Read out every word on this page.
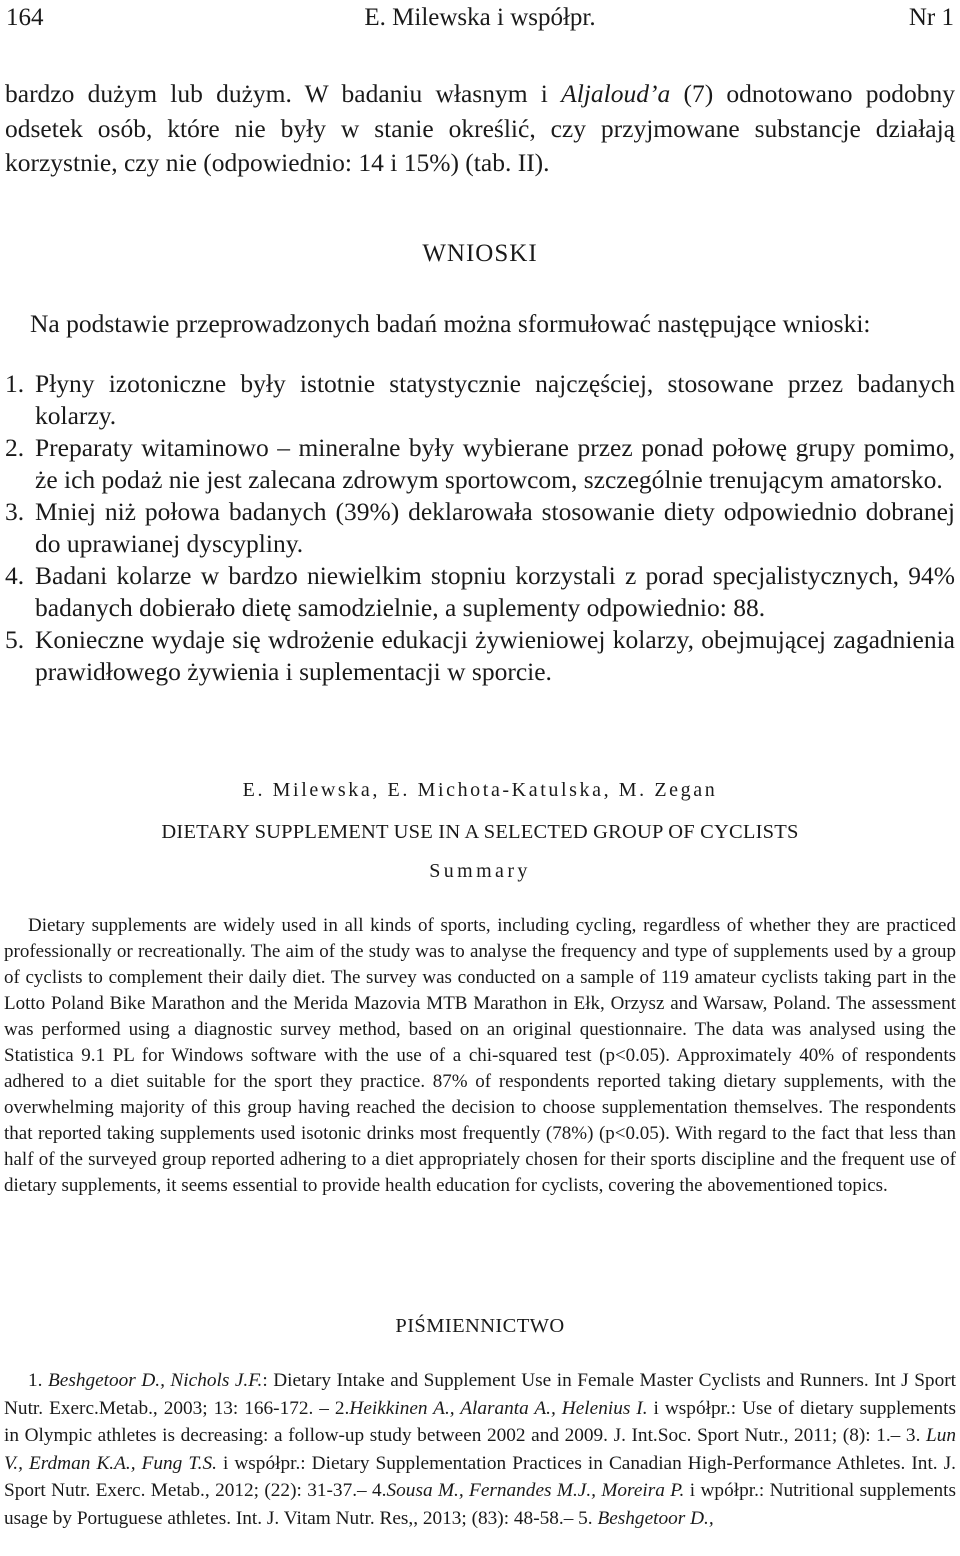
164	E. Milewska i współpr.	Nr 1

bardzo dużym lub dużym. W badaniu własnym i Aljaloud’a (7) odnotowano podobny odsetek osób, które nie były w stanie określić, czy przyjmowane substancje działają korzystnie, czy nie (odpowiednio: 14 i 15%) (tab. II).

WNIOSKI

Na podstawie przeprowadzonych badań można sformułować następujące wnioski:

1. Płyny izotoniczne były istotnie statystycznie najczęściej, stosowane przez badanych kolarzy.
2. Preparaty witaminowo – mineralne były wybierane przez ponad połowę grupy pomimo, że ich podaż nie jest zalecana zdrowym sportowcom, szczególnie trenującym amatorsko.
3. Mniej niż połowa badanych (39%) deklarowała stosowanie diety odpowiednio dobranej do uprawianej dyscypliny.
4. Badani kolarze w bardzo niewielkim stopniu korzystali z porad specjalistycznych, 94% badanych dobierało dietę samodzielnie, a suplementy odpowiednio: 88.
5. Konieczne wydaje się wdrożenie edukacji żywieniowej kolarzy, obejmującej zagadnienia prawidłowego żywienia i suplementacji w sporcie.
E. Milewska, E. Michota-Katulska, M. Zegan
DIETARY SUPPLEMENT USE IN A SELECTED GROUP OF CYCLISTS
Summary

Dietary supplements are widely used in all kinds of sports, including cycling, regardless of whether they are practiced professionally or recreationally. The aim of the study was to analyse the frequency and type of supplements used by a group of cyclists to complement their daily diet. The survey was conducted on a sample of 119 amateur cyclists taking part in the Lotto Poland Bike Marathon and the Merida Mazovia MTB Marathon in Ełk, Orzysz and Warsaw, Poland. The assessment was performed using a diagnostic survey method, based on an original questionnaire. The data was analysed using the Statistica 9.1 PL for Windows software with the use of a chi-squared test (p<0.05). Approximately 40% of respondents adhered to a diet suitable for the sport they practice. 87% of respondents reported taking dietary supplements, with the overwhelming majority of this group having reached the decision to choose supplementation themselves. The respondents that reported taking supplements used isotonic drinks most frequently (78%) (p<0.05). With regard to the fact that less than half of the surveyed group reported adhering to a diet appropriately chosen for their sports discipline and the frequent use of dietary supplements, it seems essential to provide health education for cyclists, covering the abovementioned topics.

PIŚMIENNICTWO

1. Beshgetoor D., Nichols J.F.: Dietary Intake and Supplement Use in Female Master Cyclists and Runners. Int J Sport Nutr. Exerc.Metab., 2003; 13: 166-172. – 2.Heikkinen A., Alaranta A., Helenius I. i współpr.: Use of dietary supplements in Olympic athletes is decreasing: a follow-up study between 2002 and 2009. J. Int.Soc. Sport Nutr., 2011; (8): 1.– 3. Lun V., Erdman K.A., Fung T.S. i współpr.: Dietary Supplementation Practices in Canadian High-Performance Athletes. Int. J. Sport Nutr. Exerc. Metab., 2012; (22): 31-37.– 4.Sousa M., Fernandes M.J., Moreira P. i wpółpr.: Nutritional supplements usage by Portuguese athletes. Int. J. Vitam Nutr. Res,, 2013; (83): 48-58.– 5. Beshgetoor D.,
